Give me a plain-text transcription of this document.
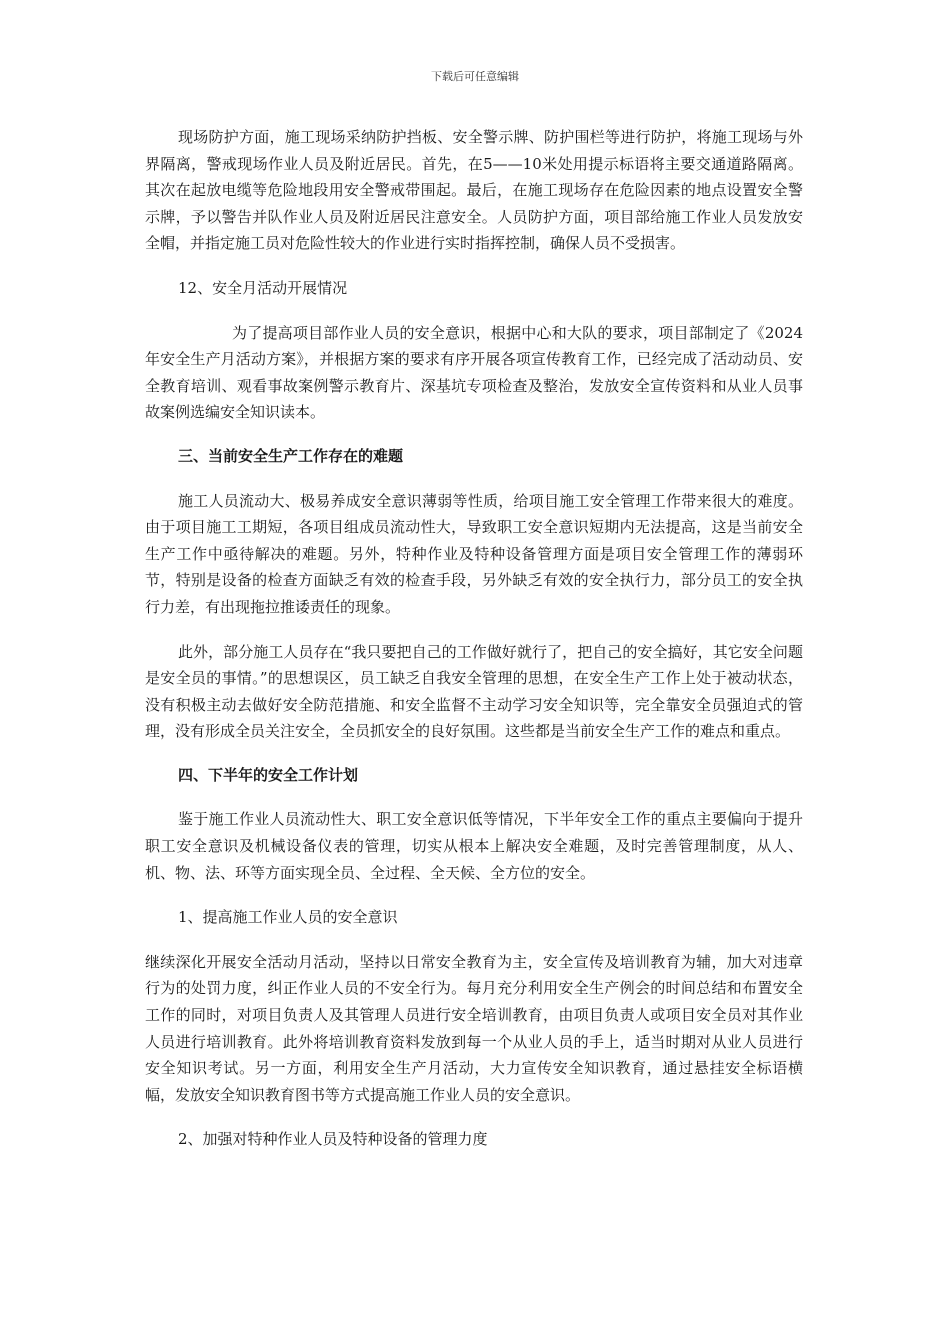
下载后可任意编辑

现场防护方面，施工现场采纳防护挡板、安全警示牌、防护围栏等进行防护，将施工现场与外界隔离，警戒现场作业人员及附近居民。首先，在5——10米处用提示标语将主要交通道路隔离。其次在起放电缆等危险地段用安全警戒带围起。最后，在施工现场存在危险因素的地点设置安全警示牌，予以警告并队作业人员及附近居民注意安全。人员防护方面，项目部给施工作业人员发放安全帽，并指定施工员对危险性较大的作业进行实时指挥控制，确保人员不受损害。

12、安全月活动开展情况

为了提高项目部作业人员的安全意识，根据中心和大队的要求，项目部制定了《2024年安全生产月活动方案》，并根据方案的要求有序开展各项宣传教育工作，已经完成了活动动员、安全教育培训、观看事故案例警示教育片、深基坑专项检查及整治，发放安全宣传资料和从业人员事故案例选编安全知识读本。

三、当前安全生产工作存在的难题

施工人员流动大、极易养成安全意识薄弱等性质，给项目施工安全管理工作带来很大的难度。由于项目施工工期短，各项目组成员流动性大，导致职工安全意识短期内无法提高，这是当前安全生产工作中亟待解决的难题。另外，特种作业及特种设备管理方面是项目安全管理工作的薄弱环节，特别是设备的检查方面缺乏有效的检查手段，另外缺乏有效的安全执行力，部分员工的安全执行力差，有出现拖拉推诿责任的现象。

此外，部分施工人员存在“我只要把自己的工作做好就行了，把自己的安全搞好，其它安全问题是安全员的事情。”的思想误区，员工缺乏自我安全管理的思想，在安全生产工作上处于被动状态，没有积极主动去做好安全防范措施、和安全监督不主动学习安全知识等，完全靠安全员强迫式的管理，没有形成全员关注安全，全员抓安全的良好氛围。这些都是当前安全生产工作的难点和重点。

四、下半年的安全工作计划

鉴于施工作业人员流动性大、职工安全意识低等情况，下半年安全工作的重点主要偏向于提升职工安全意识及机械设备仪表的管理，切实从根本上解决安全难题，及时完善管理制度，从人、机、物、法、环等方面实现全员、全过程、全天候、全方位的安全。

1、提高施工作业人员的安全意识

继续深化开展安全活动月活动，坚持以日常安全教育为主，安全宣传及培训教育为辅，加大对违章行为的处罚力度，纠正作业人员的不安全行为。每月充分利用安全生产例会的时间总结和布置安全工作的同时，对项目负责人及其管理人员进行安全培训教育，由项目负责人或项目安全员对其作业人员进行培训教育。此外将培训教育资料发放到每一个从业人员的手上，适当时期对从业人员进行安全知识考试。另一方面，利用安全生产月活动，大力宣传安全知识教育，通过悬挂安全标语横幅，发放安全知识教育图书等方式提高施工作业人员的安全意识。

2、加强对特种作业人员及特种设备的管理力度
